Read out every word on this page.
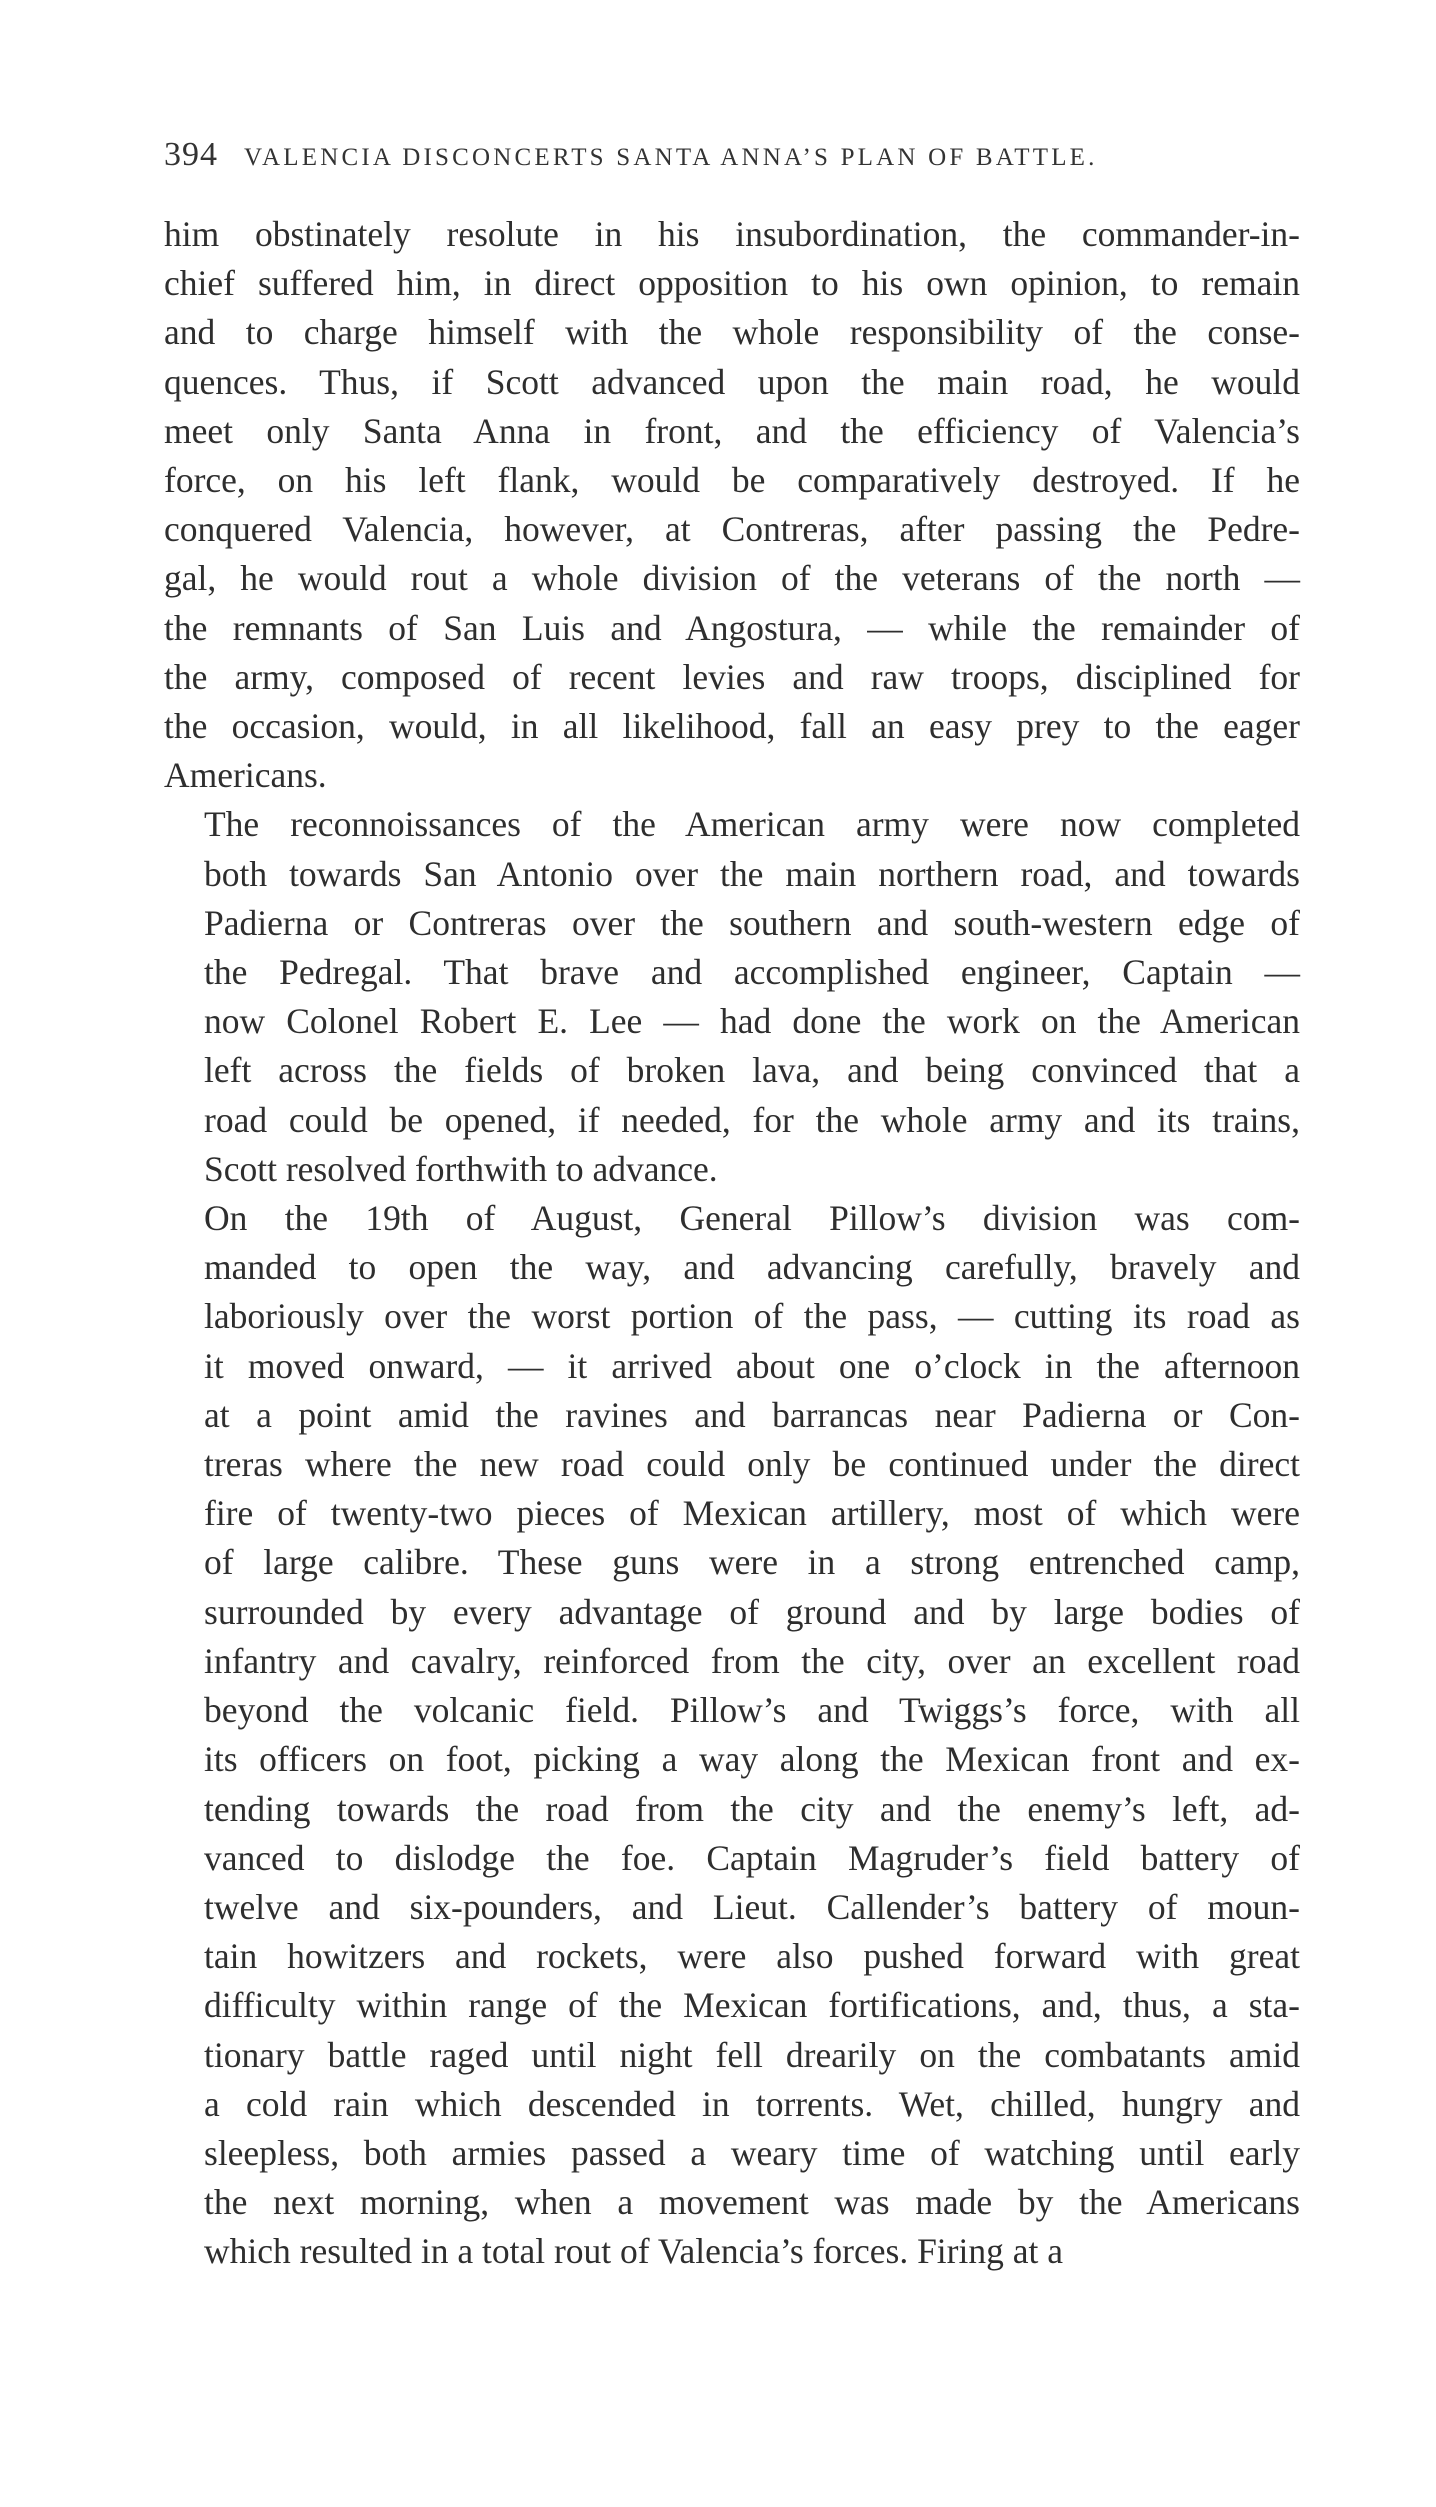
394 VALENCIA DISCONCERTS SANTA ANNA’S PLAN OF BATTLE.

him obstinately resolute in his insubordination, the commander-in-
chief suffered him, in direct opposition to his own opinion, to remain
and to charge himself with the whole responsibility of the conse-
quences. Thus, if Scott advanced upon the main road, he would
meet only Santa Anna in front, and the efficiency of Valencia’s
force, on his left flank, would be comparatively destroyed. If he
conquered Valencia, however, at Contreras, after passing the Pedre-
gal, he would rout a whole division of the veterans of the north —
the remnants of San Luis and Angostura, — while the remainder of
the army, composed of recent levies and raw troops, disciplined for
the occasion, would, in all likelihood, fall an easy prey to the eager
Americans.

The reconnoissances of the American army were now completed
both towards San Antonio over the main northern road, and towards
Padierna or Contreras over the southern and south-western edge of
the Pedregal. That brave and accomplished engineer, Captain —
now Colonel Robert E. Lee — had done the work on the American
left across the fields of broken lava, and being convinced that a
road could be opened, if needed, for the whole army and its trains,
Scott resolved forthwith to advance.

On the 19th of August, General Pillow’s division was com-
manded to open the way, and advancing carefully, bravely and
laboriously over the worst portion of the pass, — cutting its road as
it moved onward, — it arrived about one o’clock in the afternoon
at a point amid the ravines and barrancas near Padierna or Con-
treras where the new road could only be continued under the direct
fire of twenty-two pieces of Mexican artillery, most of which were
of large calibre. These guns were in a strong entrenched camp,
surrounded by every advantage of ground and by large bodies of
infantry and cavalry, reinforced from the city, over an excellent road
beyond the volcanic field. Pillow’s and Twiggs’s force, with all
its officers on foot, picking a way along the Mexican front and ex-
tending towards the road from the city and the enemy’s left, ad-
vanced to dislodge the foe. Captain Magruder’s field battery of
twelve and six-pounders, and Lieut. Callender’s battery of moun-
tain howitzers and rockets, were also pushed forward with great
difficulty within range of the Mexican fortifications, and, thus, a sta-
tionary battle raged until night fell drearily on the combatants amid
a cold rain which descended in torrents. Wet, chilled, hungry and
sleepless, both armies passed a weary time of watching until early
the next morning, when a movement was made by the Americans
which resulted in a total rout of Valencia’s forces. Firing at a
